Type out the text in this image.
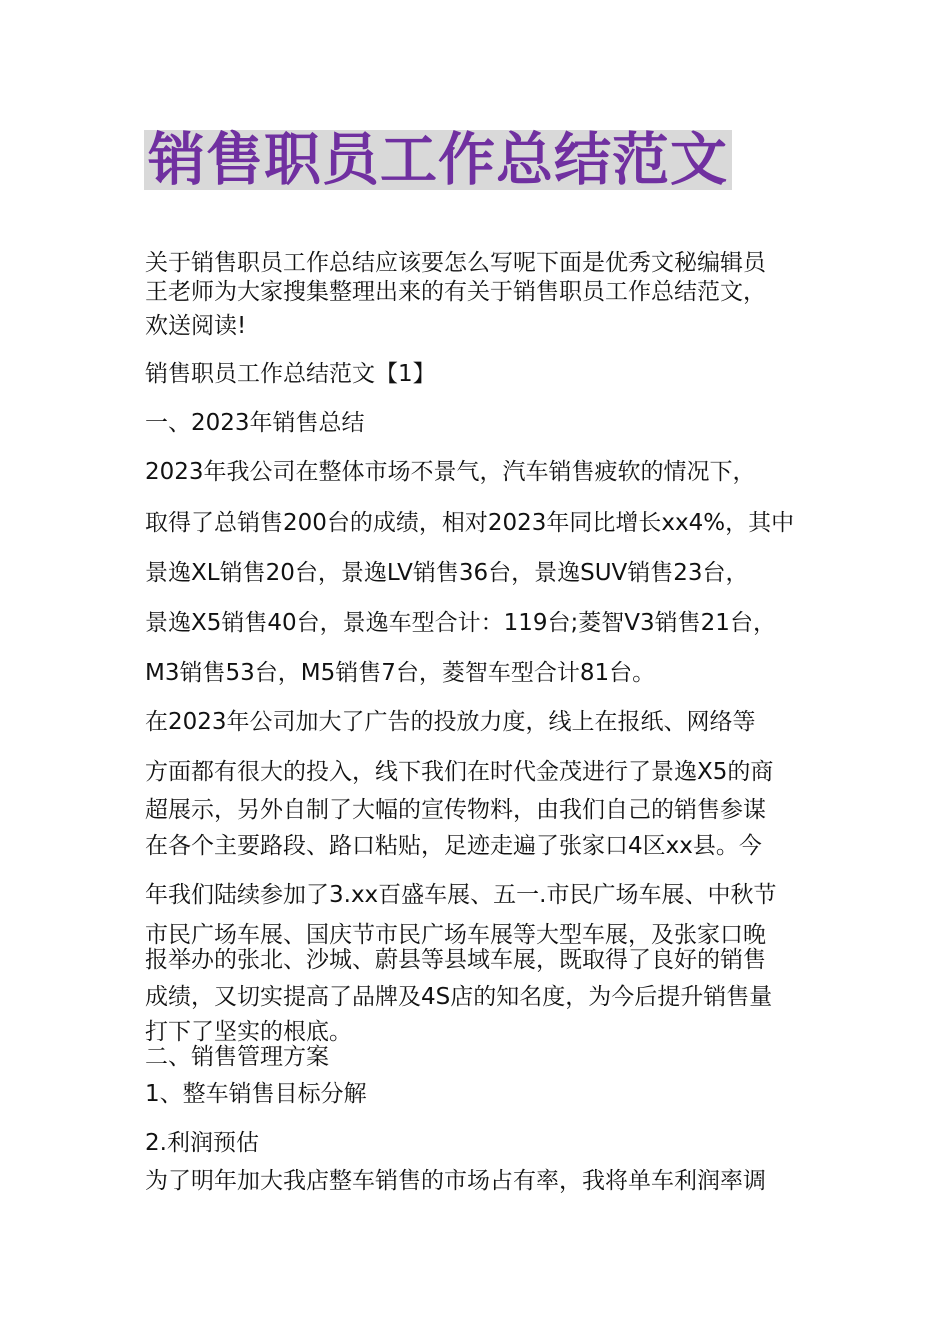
销售职员工作总结范文
关于销售职员工作总结应该要怎么写呢下面是优秀文秘编辑员
王老师为大家搜集整理出来的有关于销售职员工作总结范文，
欢送阅读!
销售职员工作总结范文【1】
一、2023年销售总结
2023年我公司在整体市场不景气，汽车销售疲软的情况下，
取得了总销售200台的成绩，相对2023年同比增长xx4%，其中
景逸XL销售20台，景逸LV销售36台，景逸SUV销售23台，
景逸X5销售40台，景逸车型合计：119台;菱智V3销售21台，
M3销售53台，M5销售7台，菱智车型合计81台。
在2023年公司加大了广告的投放力度，线上在报纸、网络等
方面都有很大的投入，线下我们在时代金茂进行了景逸X5的商
超展示，另外自制了大幅的宣传物料，由我们自己的销售参谋
在各个主要路段、路口粘贴，足迹走遍了张家口4区xx县。今
年我们陆续参加了3.xx百盛车展、五一.市民广场车展、中秋节
市民广场车展、国庆节市民广场车展等大型车展，及张家口晚
报举办的张北、沙城、蔚县等县域车展，既取得了良好的销售
成绩，又切实提高了品牌及4S店的知名度，为今后提升销售量
打下了坚实的根底。
二、销售管理方案
1、整车销售目标分解
2.利润预估
为了明年加大我店整车销售的市场占有率，我将单车利润率调
